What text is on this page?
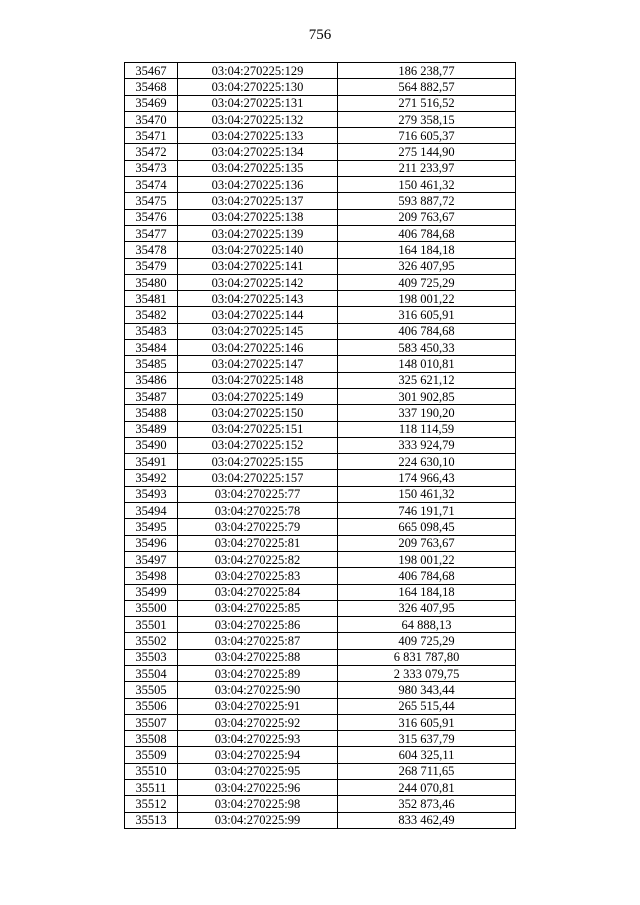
756
35467	03:04:270225:129	186 238,77
35468	03:04:270225:130	564 882,57
35469	03:04:270225:131	271 516,52
35470	03:04:270225:132	279 358,15
35471	03:04:270225:133	716 605,37
35472	03:04:270225:134	275 144,90
35473	03:04:270225:135	211 233,97
35474	03:04:270225:136	150 461,32
35475	03:04:270225:137	593 887,72
35476	03:04:270225:138	209 763,67
35477	03:04:270225:139	406 784,68
35478	03:04:270225:140	164 184,18
35479	03:04:270225:141	326 407,95
35480	03:04:270225:142	409 725,29
35481	03:04:270225:143	198 001,22
35482	03:04:270225:144	316 605,91
35483	03:04:270225:145	406 784,68
35484	03:04:270225:146	583 450,33
35485	03:04:270225:147	148 010,81
35486	03:04:270225:148	325 621,12
35487	03:04:270225:149	301 902,85
35488	03:04:270225:150	337 190,20
35489	03:04:270225:151	118 114,59
35490	03:04:270225:152	333 924,79
35491	03:04:270225:155	224 630,10
35492	03:04:270225:157	174 966,43
35493	03:04:270225:77	150 461,32
35494	03:04:270225:78	746 191,71
35495	03:04:270225:79	665 098,45
35496	03:04:270225:81	209 763,67
35497	03:04:270225:82	198 001,22
35498	03:04:270225:83	406 784,68
35499	03:04:270225:84	164 184,18
35500	03:04:270225:85	326 407,95
35501	03:04:270225:86	64 888,13
35502	03:04:270225:87	409 725,29
35503	03:04:270225:88	6 831 787,80
35504	03:04:270225:89	2 333 079,75
35505	03:04:270225:90	980 343,44
35506	03:04:270225:91	265 515,44
35507	03:04:270225:92	316 605,91
35508	03:04:270225:93	315 637,79
35509	03:04:270225:94	604 325,11
35510	03:04:270225:95	268 711,65
35511	03:04:270225:96	244 070,81
35512	03:04:270225:98	352 873,46
35513	03:04:270225:99	833 462,49
